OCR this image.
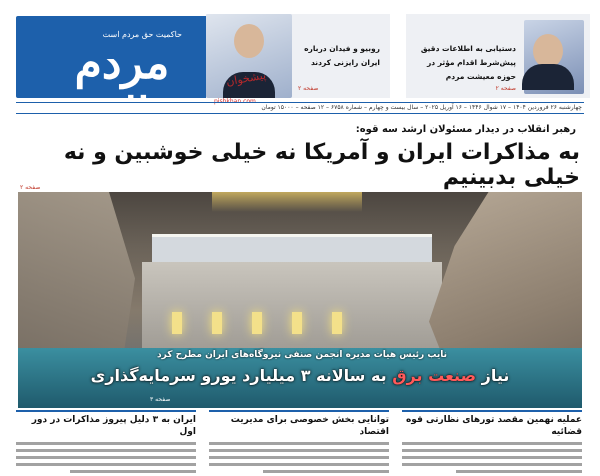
حاکمیت حق مردم است
مردم سالاری
دستیابی به اطلاعات دقیق پیش‌شرط اقدام مؤثر در حوزه معیشت مردم
صفحه ۲
روبیو و فیدان درباره ایران رایزنی کردند
پیشخوان
pishkhan.com
صفحه ۲
چهارشنبه ۲۶ فروردین ۱۴۰۴ – ۱۷ شوال ۱۴۴۶ – ۱۶ آوریل ۲۰۲۵ – سال بیست و چهارم – شماره ۶۷۵۸ – ۱۲ صفحه – ۱۵۰۰۰ تومان
رهبر انقلاب در دیدار مسئولان ارشد سه قوه:
به مذاکرات ایران و آمریکا نه خیلی خوشبین و نه خیلی بدبینیم
صفحه ۲
نایب رئیس هیات مدیره انجمن صنفی نیروگاه‌های ایران مطرح کرد
نیاز صنعت برق به سالانه ۳ میلیارد یورو سرمایه‌گذاری
صفحه ۳
عملیه نهمین مقصد تورهای نظارتی قوه قضائیه
توانایی بخش خصوصی برای مدیریت اقتصاد
ایران به ۳ دلیل پیروز مذاکرات در دور اول
